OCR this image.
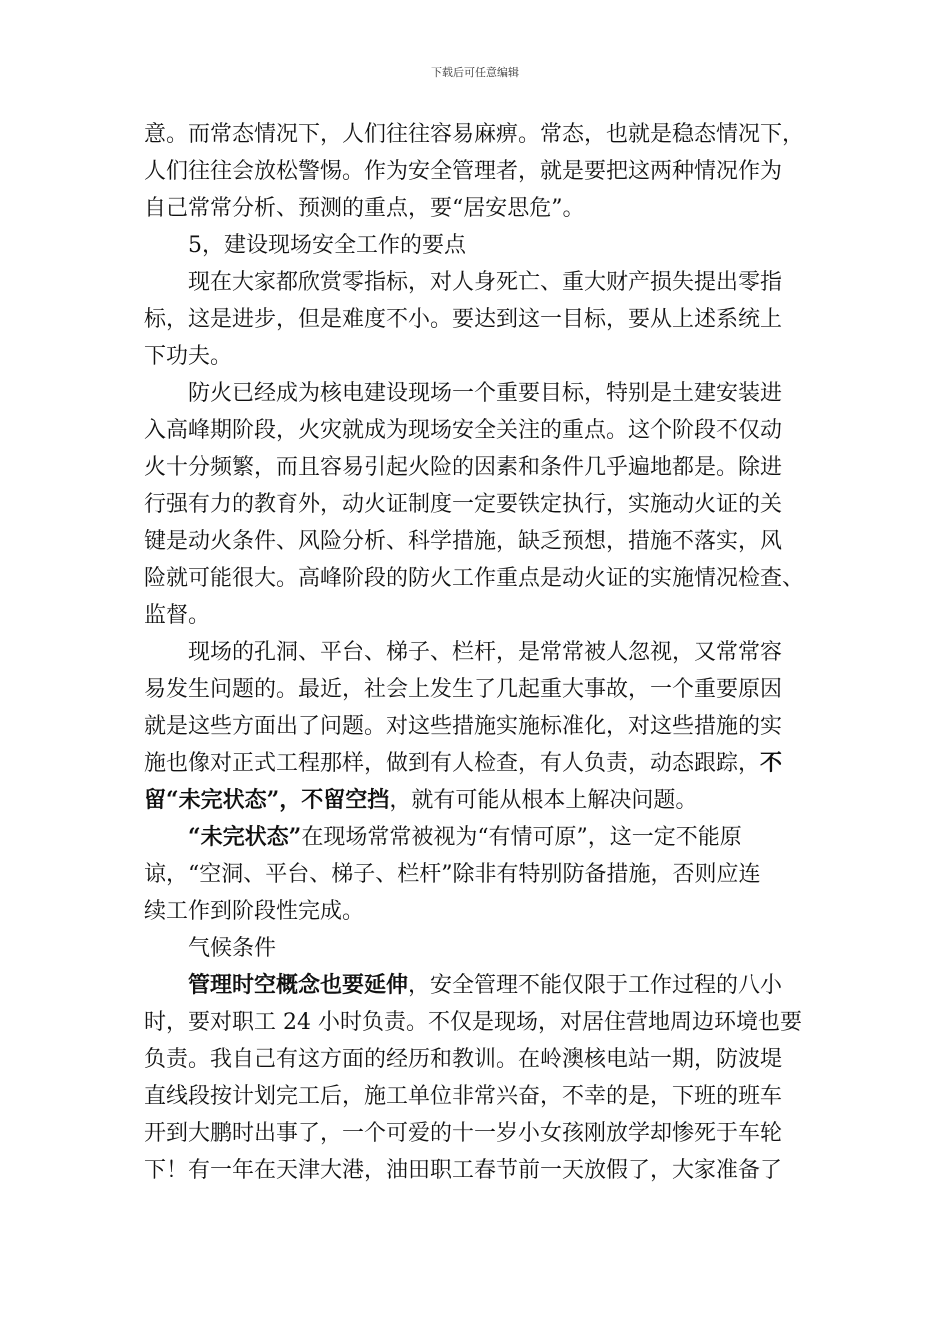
下载后可任意编辑
意。而常态情况下，人们往往容易麻痹。常态，也就是稳态情况下，
人们往往会放松警惕。作为安全管理者，就是要把这两种情况作为
自己常常分析、预测的重点，要“居安思危”。
5，建设现场安全工作的要点
现在大家都欣赏零指标，对人身死亡、重大财产损失提出零指
标，这是进步，但是难度不小。要达到这一目标，要从上述系统上
下功夫。
防火已经成为核电建设现场一个重要目标，特别是土建安装进
入高峰期阶段，火灾就成为现场安全关注的重点。这个阶段不仅动
火十分频繁，而且容易引起火险的因素和条件几乎遍地都是。除进
行强有力的教育外，动火证制度一定要铁定执行，实施动火证的关
键是动火条件、风险分析、科学措施，缺乏预想，措施不落实，风
险就可能很大。高峰阶段的防火工作重点是动火证的实施情况检查、
监督。
现场的孔洞、平台、梯子、栏杆，是常常被人忽视，又常常容
易发生问题的。最近，社会上发生了几起重大事故，一个重要原因
就是这些方面出了问题。对这些措施实施标准化，对这些措施的实
施也像对正式工程那样，做到有人检查，有人负责，动态跟踪，不
留“未完状态”，不留空挡，就有可能从根本上解决问题。
“未完状态”在现场常常被视为“有情可原”，这一定不能原
谅，“空洞、平台、梯子、栏杆”除非有特别防备措施，否则应连
续工作到阶段性完成。
气候条件
管理时空概念也要延伸，安全管理不能仅限于工作过程的八小
时，要对职工 24 小时负责。不仅是现场，对居住营地周边环境也要
负责。我自己有这方面的经历和教训。在岭澳核电站一期，防波堤
直线段按计划完工后，施工单位非常兴奋，不幸的是，下班的班车
开到大鹏时出事了，一个可爱的十一岁小女孩刚放学却惨死于车轮
下！有一年在天津大港，油田职工春节前一天放假了，大家准备了
